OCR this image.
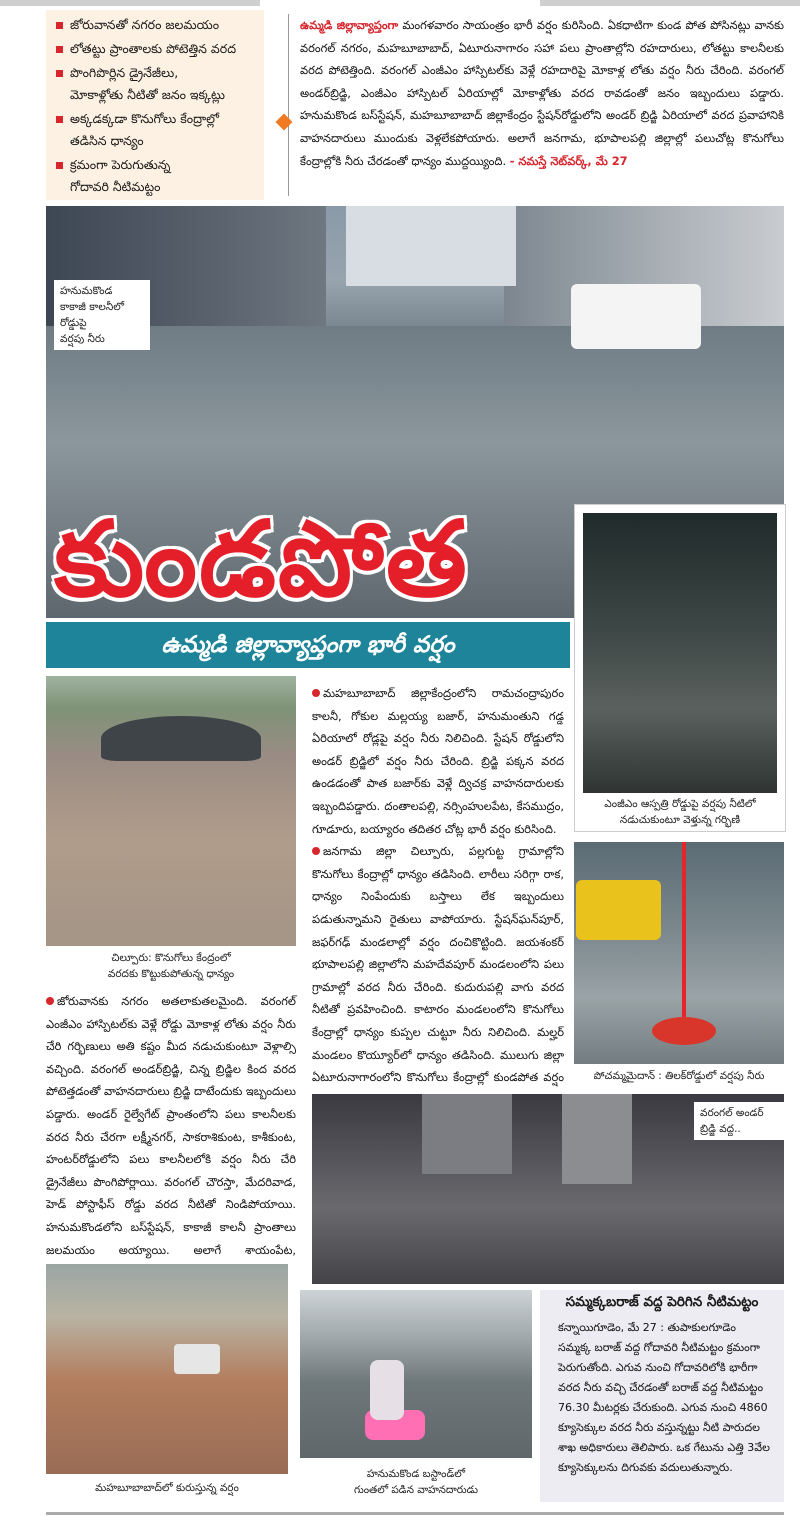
జోరువానతో నగరం జలమయం
లోతట్టు ప్రాంతాలకు పోటెత్తిన వరద
పొంగిపొర్లిన డ్రైనేజీలు,
మోకాళ్లోతు నీటితో జనం ఇక్కట్లు
అక్కడక్కడా కొనుగోలు కేంద్రాల్లో
తడిసిన ధాన్యం
క్రమంగా పెరుగుతున్న
గోదావరి నీటిమట్టం
ఉమ్మడి జిల్లావ్యాప్తంగా మంగళవారం సాయంత్రం భారీ వర్షం కురిసింది. ఏకధాటిగా కుండ పోత పోసినట్లు వానకు వరంగల్ నగరం, మహబూబాబాద్, ఏటూరునాగారం సహా పలు ప్రాంతాల్లోని రహదారులు, లోతట్టు కాలనీలకు వరద పోటెత్తింది. వరంగల్ ఎంజీఎం హాస్పిటల్‌కు వెళ్లే రహదారిపై మోకాళ్ల లోతు వర్షం నీరు చేరింది. వరంగల్ అండర్‌బ్రిడ్జి, ఎంజీఎం హాస్పిటల్ ఏరియాల్లో మోకాళ్లోతు వరద రావడంతో జనం ఇబ్బందులు పడ్డారు. హనుమకొండ బస్‌స్టేషన్, మహబూబాబాద్ జిల్లాకేంద్రం స్టేషన్‌రోడ్డులోని అండర్ బ్రిడ్జి ఏరియాలో వరద ప్రవాహానికి వాహనదారులు ముందుకు వెళ్లలేకపోయారు. అలాగే జనగామ, భూపాలపల్లి జిల్లాల్లో పలుచోట్ల కొనుగోలు కేంద్రాల్లోకి నీరు చేరడంతో ధాన్యం ముద్దయ్యింది. - నమస్తే నెట్‌వర్క్, మే 27
హనుమకొండ
కాకాజీ కాలనీలో
రోడ్డుపై
వర్షపు నీరు
కుండపోత
ఉమ్మడి జిల్లావ్యాప్తంగా భారీ వర్షం
ఎంజీఎం ఆస్పత్రి రోడ్డుపై వర్షపు నీటిలో
నడుచుకుంటూ వెళ్తున్న గర్భిణి
చిల్పూరు: కొనుగోలు కేంద్రంలో
వరదకు కొట్టుకుపోతున్న ధాన్యం
మహబూబాబాద్ జిల్లాకేంద్రంలోని రామచంద్రాపురం కాలనీ, గోకుల మల్లయ్య బజార్, హనుమంతుని గడ్డ ఏరియాలో రోడ్లపై వర్షం నీరు నిలిచింది. స్టేషన్ రోడ్డులోని అండర్ బ్రిడ్జిలో వర్షం నీరు చేరింది. బ్రిడ్జి పక్కన వరద ఉండడంతో పాత బజార్‌కు వెళ్లే ద్విచక్ర వాహనదారులకు ఇబ్బందిపడ్డారు. దంతాలపల్లి, నర్సింహులపేట, కేసముద్రం, గూడూరు, బయ్యారం తదితర చోట్ల భారీ వర్షం కురిసింది.
జనగామ జిల్లా చిల్పూరు, పల్లగుట్ట గ్రామాల్లోని కొనుగోలు కేంద్రాల్లో ధాన్యం తడిసింది. లారీలు సరిగ్గా రాక, ధాన్యం నింపేందుకు బస్తాలు లేక ఇబ్బందులు పడుతున్నామని రైతులు వాపోయారు. స్టేషన్‌ఘన్‌పూర్, జఫర్‌గఢ్ మండలాల్లో వర్షం దంచికొట్టింది. జయశంకర్ భూపాలపల్లి జిల్లాలోని మహదేవపూర్ మండలంలోని పలు గ్రామాల్లో వరద నీరు చేరింది. కుదురుపల్లి వాగు వరద నీటితో ప్రవహించింది. కాటారం మండలంలోని కొనుగోలు కేంద్రాల్లో ధాన్యం కుప్పల చుట్టూ నీరు నిలిచింది. మల్హర్ మండలం కొయ్యూర్‌లో ధాన్యం తడిసింది. ములుగు జిల్లా ఏటూరునాగారంలోని కొనుగోలు కేంద్రాల్లో కుండపోత వర్షం
జోరువానకు నగరం అతలాకుతలమైంది. వరంగల్ ఎంజీఎం హాస్పిటల్‌కు వెళ్లే రోడ్డు మోకాళ్ల లోతు వర్షం నీరు చేరి గర్భిణులు అతి కష్టం మీద నడుచుకుంటూ వెళ్లాల్సి వచ్చింది. వరంగల్ అండర్‌బ్రిడ్జి, చిన్న బ్రిడ్జిల కింద వరద పోటెత్తడంతో వాహనదారులు బ్రిడ్జి దాటేందుకు ఇబ్బందులు పడ్డారు. అండర్ రైల్వేగేట్ ప్రాంతంలోని పలు కాలనీలకు వరద నీరు చేరగా లక్ష్మీనగర్, సాకరాశికుంట, కాశీకుంట, హంటర్‌రోడ్డులోని పలు కాలనీలలోకి వర్షం నీరు చేరి డ్రైనేజీలు పొంగిపోర్లాయి. వరంగల్ చౌరస్తా, మేదరివాడ, హెడ్ పోస్టాఫీస్ రోడ్డు వరద నీటితో నిండిపోయాయి. హనుమకొండలోని బస్‌స్టేషన్, కాకాజీ కాలనీ ప్రాంతాలు జలమయం అయ్యాయి. అలాగే శాయంపేట,
పోచమ్మమైదాన్ : తిలక్‌రోడ్డులో వర్షపు నీరు
వరంగల్ అండర్
బ్రిడ్జి వద్ద..
మహబూబాబాద్‌లో కురుస్తున్న వర్షం
హనుమకొండ బస్టాండ్‌లో
గుంతలో పడిన వాహనదారుడు
సమ్మక్కబరాజ్ వద్ద పెరిగిన నీటిమట్టం
కన్నాయిగూడెం, మే 27 : తుపాకులగూడెం సమ్మక్క బరాజ్ వద్ద గోదావరి నీటిమట్టం క్రమంగా పెరుగుతోంది. ఎగువ నుంచి గోదావరిలోకి భారీగా వరద నీరు వచ్చి చేరడంతో బరాజ్ వద్ద నీటిమట్టం 76.30 మీటర్లకు చేరుకుంది. ఎగువ నుంచి 4860 క్యూసెక్కుల వరద నీరు వస్తున్నట్టు నీటి పారుదల శాఖ అధికారులు తెలిపారు. ఒక గేటును ఎత్తి 3వేల క్యూసెక్కులను దిగువకు వదులుతున్నారు.
